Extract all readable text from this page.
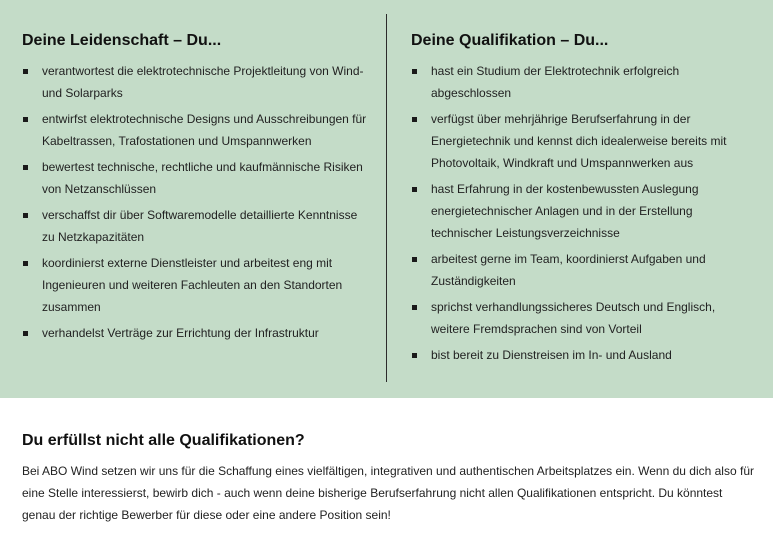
Deine Leidenschaft – Du...
verantwortest die elektrotechnische Projektleitung von Wind- und Solarparks
entwirfst elektrotechnische Designs und Ausschreibungen für Kabeltrassen, Trafostationen und Umspannwerken
bewertest technische, rechtliche und kaufmännische Risiken von Netzanschlüssen
verschaffst dir über Softwaremodelle detaillierte Kenntnisse zu Netzkapazitäten
koordinierst externe Dienstleister und arbeitest eng mit Ingenieuren und weiteren Fachleuten an den Standorten zusammen
verhandelst Verträge zur Errichtung der Infrastruktur
Deine Qualifikation – Du...
hast ein Studium der Elektrotechnik erfolgreich abgeschlossen
verfügst über mehrjährige Berufserfahrung in der Energietechnik und kennst dich idealerweise bereits mit Photovoltaik, Windkraft und Umspannwerken aus
hast Erfahrung in der kostenbewussten Auslegung energietechnischer Anlagen und in der Erstellung technischer Leistungsverzeichnisse
arbeitest gerne im Team, koordinierst Aufgaben und Zuständigkeiten
sprichst verhandlungssicheres Deutsch und Englisch, weitere Fremdsprachen sind von Vorteil
bist bereit zu Dienstreisen im In- und Ausland
Du erfüllst nicht alle Qualifikationen?

Bei ABO Wind setzen wir uns für die Schaffung eines vielfältigen, integrativen und authentischen Arbeitsplatzes ein. Wenn du dich also für eine Stelle interessierst, bewirb dich - auch wenn deine bisherige Berufserfahrung nicht allen Qualifikationen entspricht. Du könntest genau der richtige Bewerber für diese oder eine andere Position sein!
